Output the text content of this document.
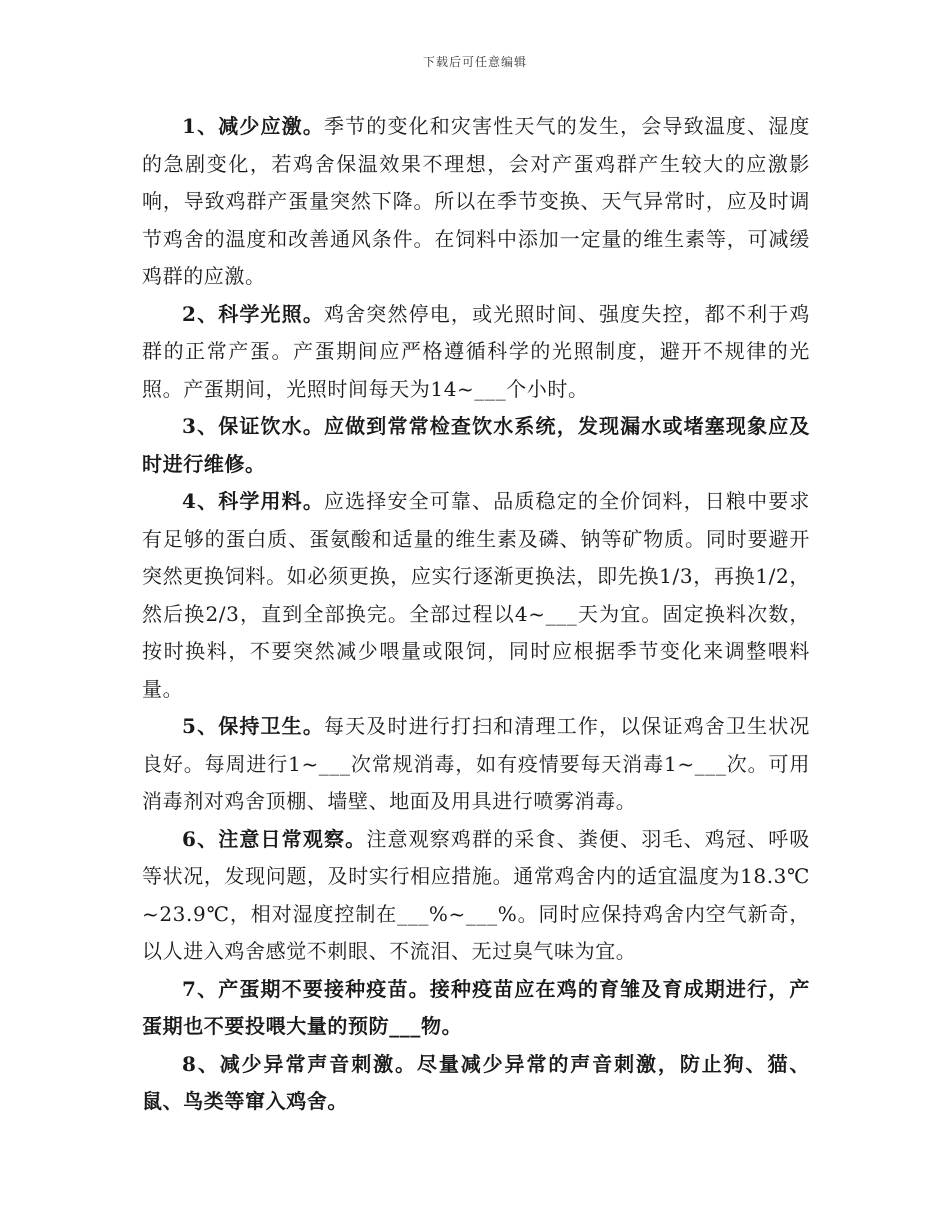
下载后可任意编辑

1、减少应激。季节的变化和灾害性天气的发生，会导致温度、湿度的急剧变化，若鸡舍保温效果不理想，会对产蛋鸡群产生较大的应激影响，导致鸡群产蛋量突然下降。所以在季节变换、天气异常时，应及时调节鸡舍的温度和改善通风条件。在饲料中添加一定量的维生素等，可减缓鸡群的应激。

2、科学光照。鸡舍突然停电，或光照时间、强度失控，都不利于鸡群的正常产蛋。产蛋期间应严格遵循科学的光照制度，避开不规律的光照。产蛋期间，光照时间每天为14~___个小时。

3、保证饮水。应做到常常检查饮水系统，发现漏水或堵塞现象应及时进行维修。

4、科学用料。应选择安全可靠、品质稳定的全价饲料，日粮中要求有足够的蛋白质、蛋氨酸和适量的维生素及磷、钠等矿物质。同时要避开突然更换饲料。如必须更换，应实行逐渐更换法，即先换1/3，再换1/2，然后换2/3，直到全部换完。全部过程以4~___天为宜。固定换料次数，按时换料，不要突然减少喂量或限饲，同时应根据季节变化来调整喂料量。

5、保持卫生。每天及时进行打扫和清理工作，以保证鸡舍卫生状况良好。每周进行1~___次常规消毒，如有疫情要每天消毒1~___次。可用消毒剂对鸡舍顶棚、墙壁、地面及用具进行喷雾消毒。

6、注意日常观察。注意观察鸡群的采食、粪便、羽毛、鸡冠、呼吸等状况，发现问题，及时实行相应措施。通常鸡舍内的适宜温度为18.3℃~23.9℃，相对湿度控制在___%~___%。同时应保持鸡舍内空气新奇，以人进入鸡舍感觉不刺眼、不流泪、无过臭气味为宜。

7、产蛋期不要接种疫苗。接种疫苗应在鸡的育雏及育成期进行，产蛋期也不要投喂大量的预防___物。

8、减少异常声音刺激。尽量减少异常的声音刺激，防止狗、猫、鼠、鸟类等窜入鸡舍。
